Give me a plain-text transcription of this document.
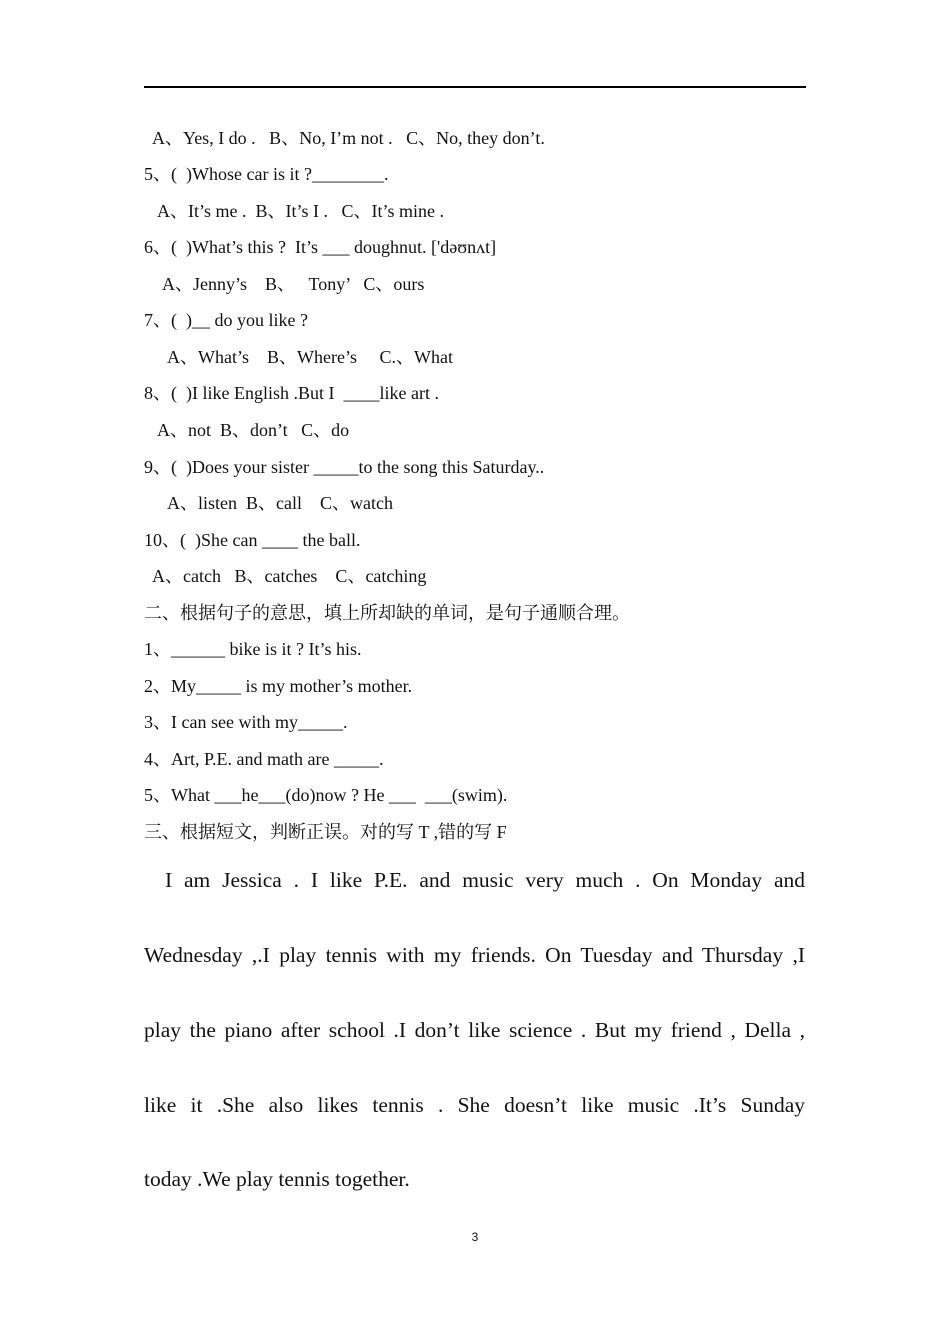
A、Yes, I do .   B、No, I’m not .   C、No, they don’t.
5、(  )Whose car is it ?________.
A、It’s me .  B、It’s I .   C、It’s mine .
6、(  )What’s this ?  It’s ___ doughnut. ['dəʊnʌt]
A、Jenny’s    B、   Tony’   C、ours
7、(  )__ do you like ?
A、What’s    B、Where’s     C.、What
8、(  )I like English .But I  ____like art .
A、not  B、don’t   C、do
9、(  )Does your sister _____to the song this Saturday..
A、listen  B、call    C、watch
10、(  )She can ____ the ball.
A、catch   B、catches    C、catching
二、根据句子的意思，填上所却缺的单词，是句子通顺合理。
1、______ bike is it ? It’s his.
2、My_____ is my mother’s mother.
3、I can see with my_____.
4、Art, P.E. and math are _____.
5、What ___he___(do)now ? He ___  ___(swim).
三、根据短文，判断正误。对的写 T ,错的写 F
I am Jessica . I like P.E. and music very much . On Monday and
Wednesday ,.I play tennis with my friends. On Tuesday and Thursday ,I
play the piano after school .I don’t like science . But my friend , Della ,
like it .She also likes tennis . She doesn’t like music .It’s Sunday
today .We play tennis together.
3
